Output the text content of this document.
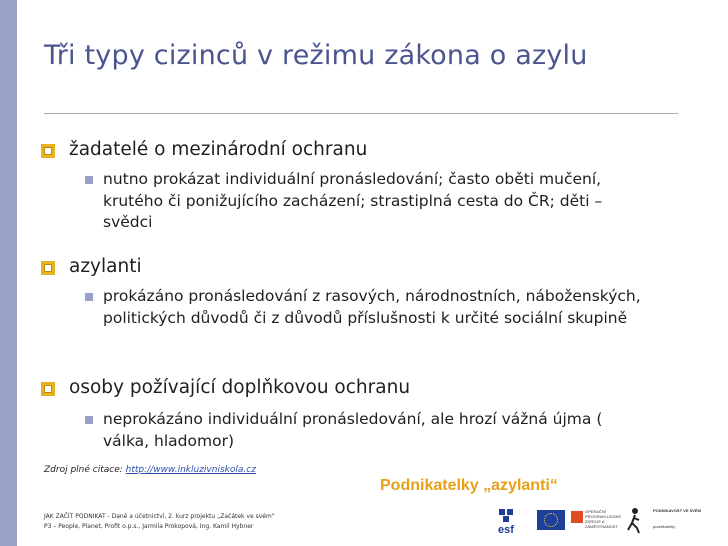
Tři typy cizinců v režimu zákona o azylu
žadatelé o mezinárodní ochranu
nutno prokázat individuální pronásledování; často oběti mučení, krutého či ponižujícího zacházení; strastiplná cesta do ČR; děti – svědci
azylanti
prokázáno pronásledování z rasových, národnostních, náboženských, politických důvodů či z důvodů příslušnosti k určité sociální skupině
osoby požívající doplňkovou ochranu
neprokázáno individuální pronásledování, ale hrozí vážná újma ( válka, hladomor)
Zdroj plné citace: http://www.inkluzivniskola.cz
Podnikatelky „azylanti“
JAK ZAČÍT PODNIKAT - Daně a účetnictví, 2. kurz projektu „Začátek ve svém“
P3 – People, Planet, Profit o.p.s., Jarmila Prokopová, Ing. Kamil Hybner	esf
OPERAČNÍ PROGRAM LIDSKÉ ZDROJE A ZAMĚSTNANOST
PODNIKAVOST VE SVÉM
podnikatelky
